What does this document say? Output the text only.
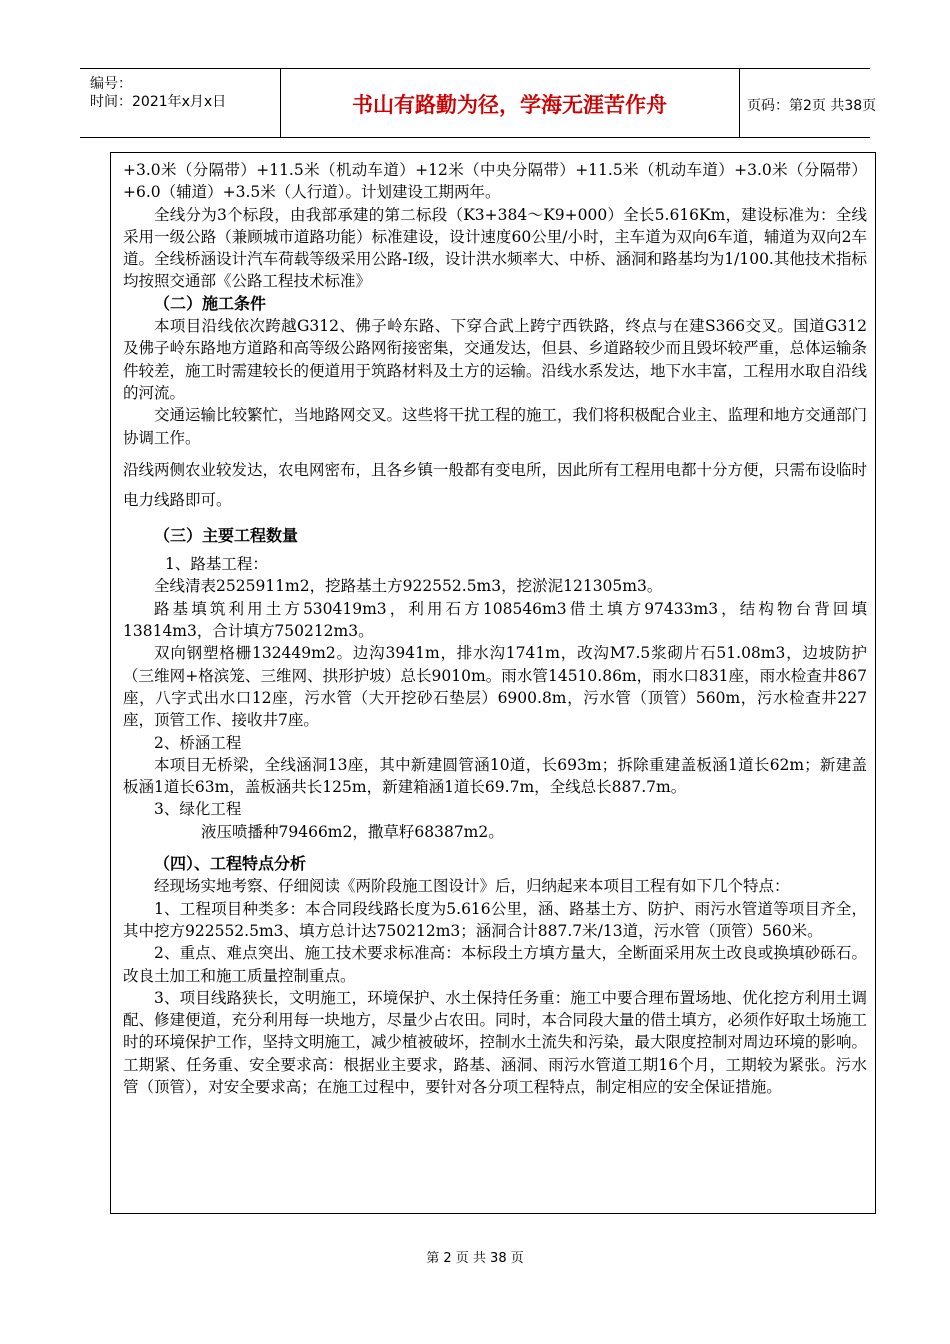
编号：
时间：2021年x月x日	书山有路勤为径，学海无涯苦作舟	页码：第2页 共38页

+3.0米（分隔带）+11.5米（机动车道）+12米（中央分隔带）+11.5米（机动车道）+3.0米（分隔带）+6.0（辅道）+3.5米（人行道）。计划建设工期两年。

全线分为3个标段，由我部承建的第二标段（K3+384～K9+000）全长5.616Km，建设标准为：全线采用一级公路（兼顾城市道路功能）标准建设，设计速度60公里/小时，主车道为双向6车道，辅道为双向2车道。全线桥涵设计汽车荷载等级采用公路-Ⅰ级，设计洪水频率大、中桥、涵洞和路基均为1/100.其他技术指标均按照交通部《公路工程技术标准》

（二）施工条件

本项目沿线依次跨越G312、佛子岭东路、下穿合武上跨宁西铁路，终点与在建S366交叉。国道G312及佛子岭东路地方道路和高等级公路网衔接密集，交通发达，但县、乡道路较少而且毁坏较严重，总体运输条件较差，施工时需建较长的便道用于筑路材料及土方的运输。沿线水系发达，地下水丰富，工程用水取自沿线的河流。

交通运输比较繁忙，当地路网交叉。这些将干扰工程的施工，我们将积极配合业主、监理和地方交通部门协调工作。

沿线两侧农业较发达，农电网密布，且各乡镇一般都有变电所，因此所有工程用电都十分方便，只需布设临时电力线路即可。

（三）主要工程数量

1、路基工程：

全线清表2525911m2，挖路基土方922552.5m3，挖淤泥121305m3。

路基填筑利用土方530419m3，利用石方108546m3借土填方97433m3，结构物台背回填13814m3，合计填方750212m3。

双向钢塑格栅132449m2。边沟3941m，排水沟1741m，改沟M7.5浆砌片石51.08m3，边坡防护（三维网+格滨笼、三维网、拱形护坡）总长9010m。雨水管14510.86m，雨水口831座，雨水检查井867座，八字式出水口12座，污水管（大开挖砂石垫层）6900.8m，污水管（顶管）560m，污水检查井227座，顶管工作、接收井7座。

2、桥涵工程

本项目无桥梁，全线涵洞13座，其中新建圆管涵10道，长693m；拆除重建盖板涵1道长62m；新建盖板涵1道长63m，盖板涵共长125m，新建箱涵1道长69.7m，全线总长887.7m。

3、绿化工程

液压喷播种79466m2，撒草籽68387m2。

（四）、工程特点分析

经现场实地考察、仔细阅读《两阶段施工图设计》后，归纳起来本项目工程有如下几个特点：

1、工程项目种类多：本合同段线路长度为5.616公里，涵、路基土方、防护、雨污水管道等项目齐全，其中挖方922552.5m3、填方总计达750212m3；涵洞合计887.7米/13道，污水管（顶管）560米。

2、重点、难点突出、施工技术要求标准高：本标段土方填方量大，全断面采用灰土改良或换填砂砾石。改良土加工和施工质量控制重点。

3、项目线路狭长，文明施工，环境保护、水土保持任务重：施工中要合理布置场地、优化挖方利用土调配、修建便道，充分利用每一块地方，尽量少占农田。同时，本合同段大量的借土填方，必须作好取土场施工时的环境保护工作，坚持文明施工，减少植被破坏，控制水土流失和污染，最大限度控制对周边环境的影响。工期紧、任务重、安全要求高：根据业主要求，路基、涵洞、雨污水管道工期16个月，工期较为紧张。污水管（顶管），对安全要求高；在施工过程中，要针对各分项工程特点，制定相应的安全保证措施。

第 2 页 共 38 页
